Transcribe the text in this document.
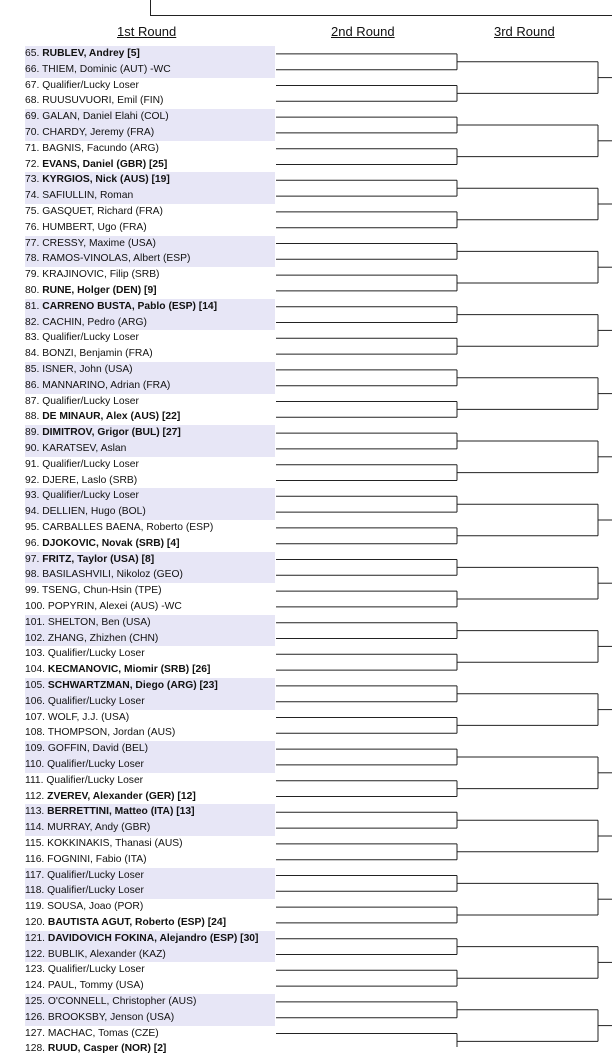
1st Round	2nd Round	3rd Round
65. RUBLEV, Andrey [5]
66. THIEM, Dominic (AUT) -WC
67. Qualifier/Lucky Loser
68. RUUSUVUORI, Emil (FIN)
69. GALAN, Daniel Elahi (COL)
70. CHARDY, Jeremy (FRA)
71. BAGNIS, Facundo (ARG)
72. EVANS, Daniel (GBR) [25]
73. KYRGIOS, Nick (AUS) [19]
74. SAFIULLIN, Roman
75. GASQUET, Richard (FRA)
76. HUMBERT, Ugo (FRA)
77. CRESSY, Maxime (USA)
78. RAMOS-VINOLAS, Albert (ESP)
79. KRAJINOVIC, Filip (SRB)
80. RUNE, Holger (DEN) [9]
81. CARRENO BUSTA, Pablo (ESP) [14]
82. CACHIN, Pedro (ARG)
83. Qualifier/Lucky Loser
84. BONZI, Benjamin (FRA)
85. ISNER, John (USA)
86. MANNARINO, Adrian (FRA)
87. Qualifier/Lucky Loser
88. DE MINAUR, Alex (AUS) [22]
89. DIMITROV, Grigor (BUL) [27]
90. KARATSEV, Aslan
91. Qualifier/Lucky Loser
92. DJERE, Laslo (SRB)
93. Qualifier/Lucky Loser
94. DELLIEN, Hugo (BOL)
95. CARBALLES BAENA, Roberto (ESP)
96. DJOKOVIC, Novak (SRB) [4]
97. FRITZ, Taylor (USA) [8]
98. BASILASHVILI, Nikoloz (GEO)
99. TSENG, Chun-Hsin (TPE)
100. POPYRIN, Alexei (AUS) -WC
101. SHELTON, Ben (USA)
102. ZHANG, Zhizhen (CHN)
103. Qualifier/Lucky Loser
104. KECMANOVIC, Miomir (SRB) [26]
105. SCHWARTZMAN, Diego (ARG) [23]
106. Qualifier/Lucky Loser
107. WOLF, J.J. (USA)
108. THOMPSON, Jordan (AUS)
109. GOFFIN, David (BEL)
110. Qualifier/Lucky Loser
111. Qualifier/Lucky Loser
112. ZVEREV, Alexander (GER) [12]
113. BERRETTINI, Matteo (ITA) [13]
114. MURRAY, Andy (GBR)
115. KOKKINAKIS, Thanasi (AUS)
116. FOGNINI, Fabio (ITA)
117. Qualifier/Lucky Loser
118. Qualifier/Lucky Loser
119. SOUSA, Joao (POR)
120. BAUTISTA AGUT, Roberto (ESP) [24]
121. DAVIDOVICH FOKINA, Alejandro (ESP) [30]
122. BUBLIK, Alexander (KAZ)
123. Qualifier/Lucky Loser
124. PAUL, Tommy (USA)
125. O'CONNELL, Christopher (AUS)
126. BROOKSBY, Jenson (USA)
127. MACHAC, Tomas (CZE)
128. RUUD, Casper (NOR) [2]
